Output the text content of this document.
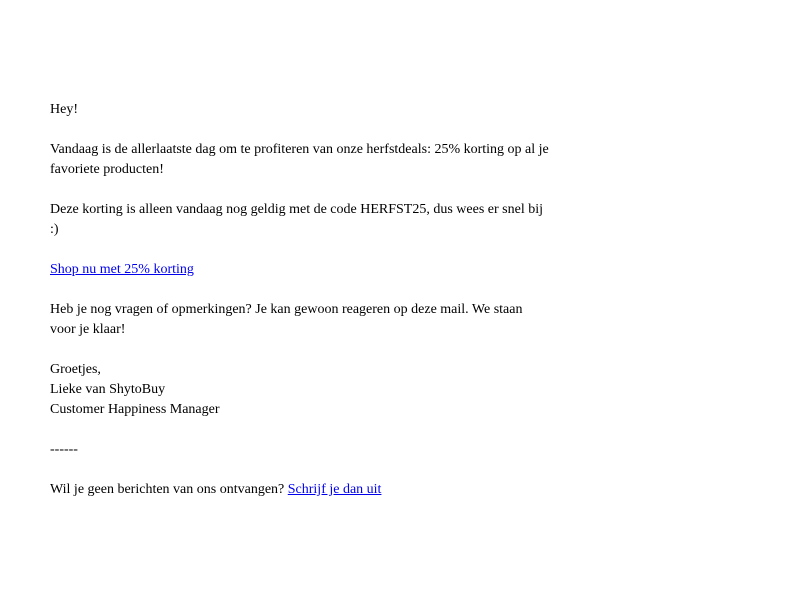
Hey!

Vandaag is de allerlaatste dag om te profiteren van onze herfstdeals: 25% korting op al je favoriete producten!

Deze korting is alleen vandaag nog geldig met de code HERFST25, dus wees er snel bij :)

Shop nu met 25% korting

Heb je nog vragen of opmerkingen? Je kan gewoon reageren op deze mail. We staan voor je klaar!

Groetjes,
Lieke van ShytoBuy
Customer Happiness Manager

------

Wil je geen berichten van ons ontvangen? Schrijf je dan uit
